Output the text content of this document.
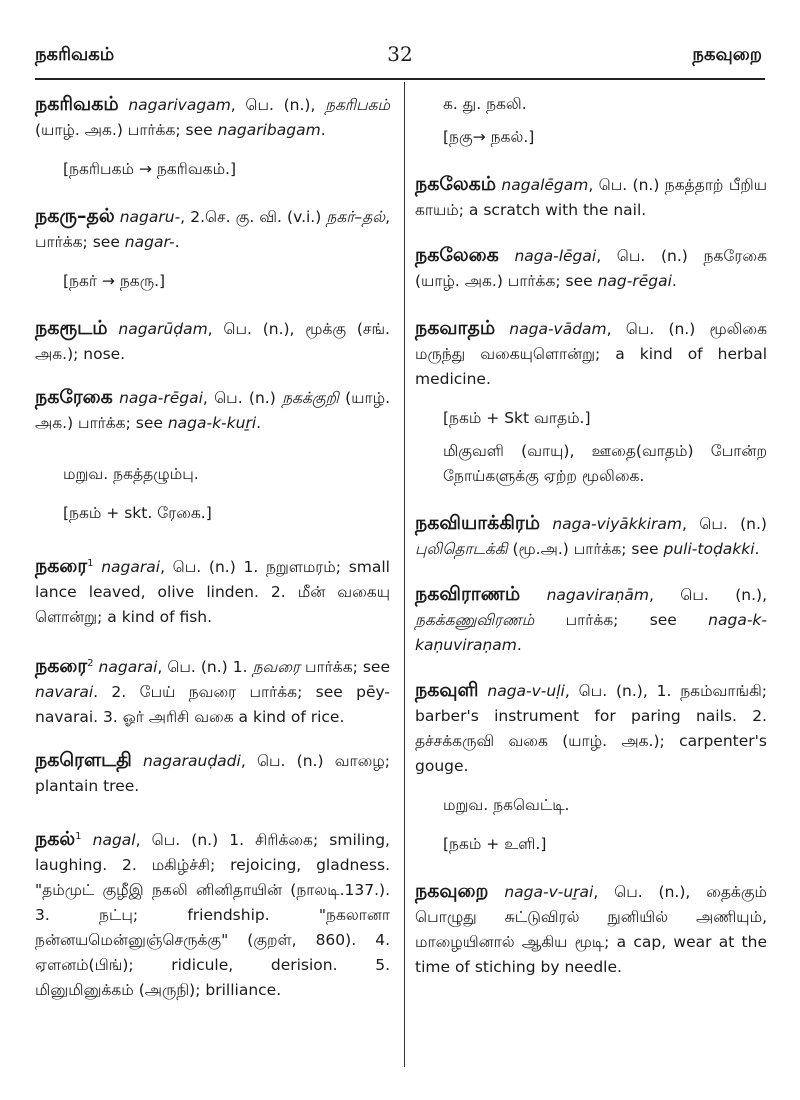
நகரிவகம்	32	நகவுறை

நகரிவகம் nagarivagam, பெ. (n.), நகரிபகம் (யாழ். அக.) பார்க்க; see nagaribagam.

[நகரிபகம் → நகரிவகம்.]

நகரு–தல் nagaru-, 2.செ. கு. வி. (v.i.) நகர்–தல், பார்க்க; see nagar-.

[நகர் → நகரு.]

நகரூடம் nagarūḍam, பெ. (n.), மூக்கு (சங். அக.); nose.

நகரேகை naga-rēgai, பெ. (n.) நகக்குறி (யாழ். அக.) பார்க்க; see naga-k-kuṟi.

மறுவ. நகத்தழும்பு.

[நகம் + skt. ரேகை.]

நகரை$^1$ nagarai, பெ. (n.) 1. நறுளமரம்; small lance leaved, olive linden. 2. மீன் வகையு ளொன்று; a kind of fish.

நகரை$^2$ nagarai, பெ. (n.) 1. நவரை பார்க்க; see navarai. 2. பேய் நவரை பார்க்க; see pēy-navarai. 3. ஓர் அரிசி வகை a kind of rice.

நகரௌடதி nagarauḍadi, பெ. (n.) வாழை; plantain tree.

நகல்$^1$ nagal, பெ. (n.) 1. சிரிக்கை; smiling, laughing. 2. மகிழ்ச்சி; rejoicing, gladness. "தம்முட் குழீஇ நகலி னினிதாயின் (நாலடி.137.). 3. நட்பு; friendship. "நகலானா நன்னயமென்னுஞ்செருக்கு" (குறள், 860). 4. ஏளனம்(பிங்); ridicule, derision. 5. மினுமினுக்கம் (அருநி); brilliance.

க. து. நகலி.

[நகு→ நகல்.]

நகலேகம் nagalēgam, பெ. (n.) நகத்தாற் பீறிய காயம்; a scratch with the nail.

நகலேகை naga-lēgai, பெ. (n.) நகரேகை (யாழ். அக.) பார்க்க; see nag-rēgai.

நகவாதம் naga-vādam, பெ. (n.) மூலிகை மருந்து வகையுளொன்று; a kind of herbal medicine.

[நகம் + Skt வாதம்.]

மிகுவளி (வாயு), ஊதை(வாதம்) போன்ற நோய்களுக்கு ஏற்ற மூலிகை.

நகவியாக்கிரம் naga-viyākkiram, பெ. (n.) புலிதொடக்கி (மூ.அ.) பார்க்க; see puli-toḍakki.

நகவிராணம் nagaviraṇām, பெ. (n.), நகக்கணுவிரணம் பார்க்க; see naga-k-kaṇuviraṇam.

நகவுளி naga-v-uḷi, பெ. (n.), 1. நகம்வாங்கி; barber's instrument for paring nails. 2. தச்சக்கருவி வகை (யாழ். அக.); carpenter's gouge.

மறுவ. நகவெட்டி.

[நகம் + உளி.]

நகவுறை naga-v-uṟai, பெ. (n.), தைக்கும் பொழுது சுட்டுவிரல் நுனியில் அணியும், மாழையினால் ஆகிய மூடி; a cap, wear at the time of stiching by needle.
